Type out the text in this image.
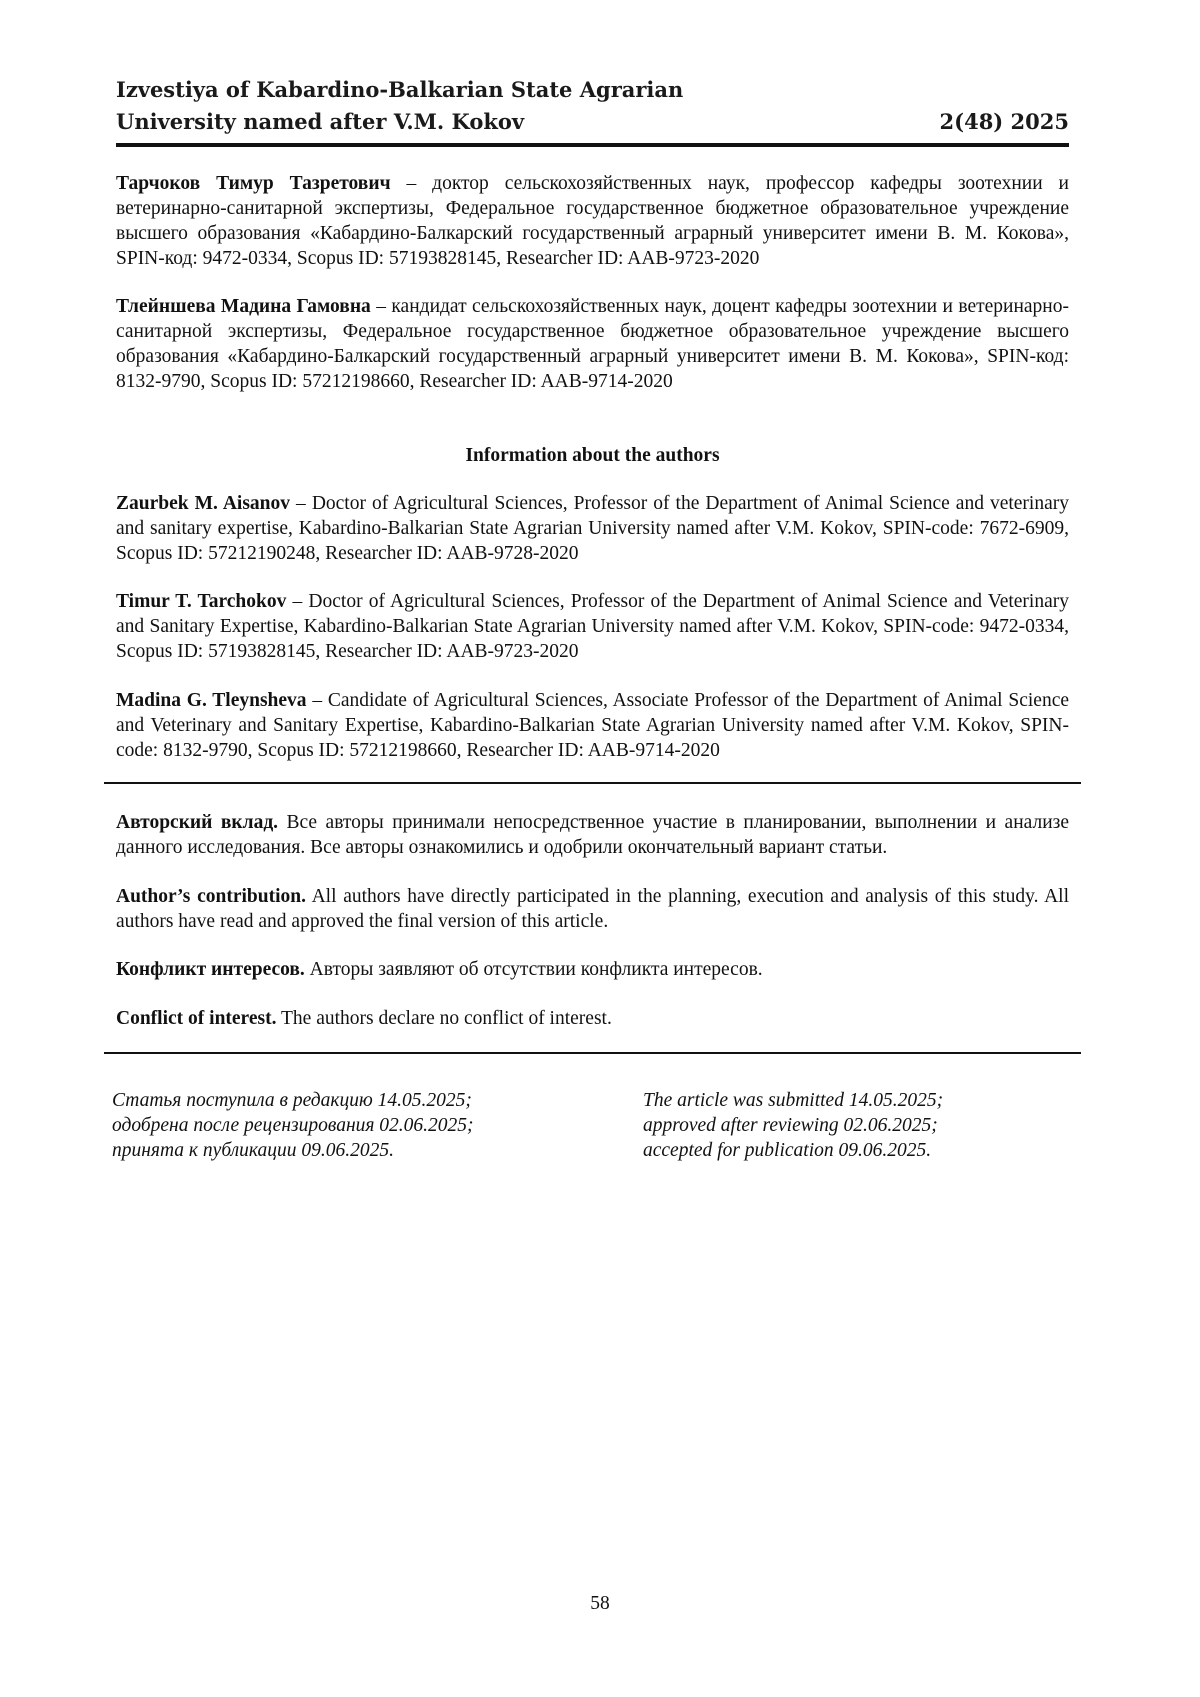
Izvestiya of Kabardino-Balkarian State Agrarian
University named after V.M. Kokov	2(48) 2025
Тарчоков Тимур Тазретович – доктор сельскохозяйственных наук, профессор кафедры зоотехнии и ветеринарно-санитарной экспертизы, Федеральное государственное бюджетное образовательное учреждение высшего образования «Кабардино-Балкарский государственный аграрный университет имени В. М. Кокова», SPIN-код: 9472-0334, Scopus ID: 57193828145, Researcher ID: AAB-9723-2020
Тлейншева Мадина Гамовна – кандидат сельскохозяйственных наук, доцент кафедры зоотехнии и ветеринарно-санитарной экспертизы, Федеральное государственное бюджетное образовательное учреждение высшего образования «Кабардино-Балкарский государственный аграрный университет имени В. М. Кокова», SPIN-код: 8132-9790, Scopus ID: 57212198660, Researcher ID: AAB-9714-2020
Information about the authors
Zaurbek M. Aisanov – Doctor of Agricultural Sciences, Professor of the Department of Animal Science and veterinary and sanitary expertise, Kabardino-Balkarian State Agrarian University named after V.M. Kokov, SPIN-code: 7672-6909, Scopus ID: 57212190248, Researcher ID: AAB-9728-2020
Timur T. Tarchokov – Doctor of Agricultural Sciences, Professor of the Department of Animal Science and Veterinary and Sanitary Expertise, Kabardino-Balkarian State Agrarian University named after V.M. Kokov, SPIN-code: 9472-0334, Scopus ID: 57193828145, Researcher ID: AAB-9723-2020
Madina G. Tleynsheva – Candidate of Agricultural Sciences, Associate Professor of the Department of Animal Science and Veterinary and Sanitary Expertise, Kabardino-Balkarian State Agrarian University named after V.M. Kokov, SPIN-code: 8132-9790, Scopus ID: 57212198660, Researcher ID: AAB-9714-2020
Авторский вклад. Все авторы принимали непосредственное участие в планировании, выполнении и анализе данного исследования. Все авторы ознакомились и одобрили окончательный вариант статьи.
Author’s contribution. All authors have directly participated in the planning, execution and analysis of this study. All authors have read and approved the final version of this article.
Конфликт интересов. Авторы заявляют об отсутствии конфликта интересов.
Conflict of interest. The authors declare no conflict of interest.
Статья поступила в редакцию 14.05.2025;
одобрена после рецензирования 02.06.2025;
принята к публикации 09.06.2025.
The article was submitted 14.05.2025;
approved after reviewing 02.06.2025;
accepted for publication 09.06.2025.
58
